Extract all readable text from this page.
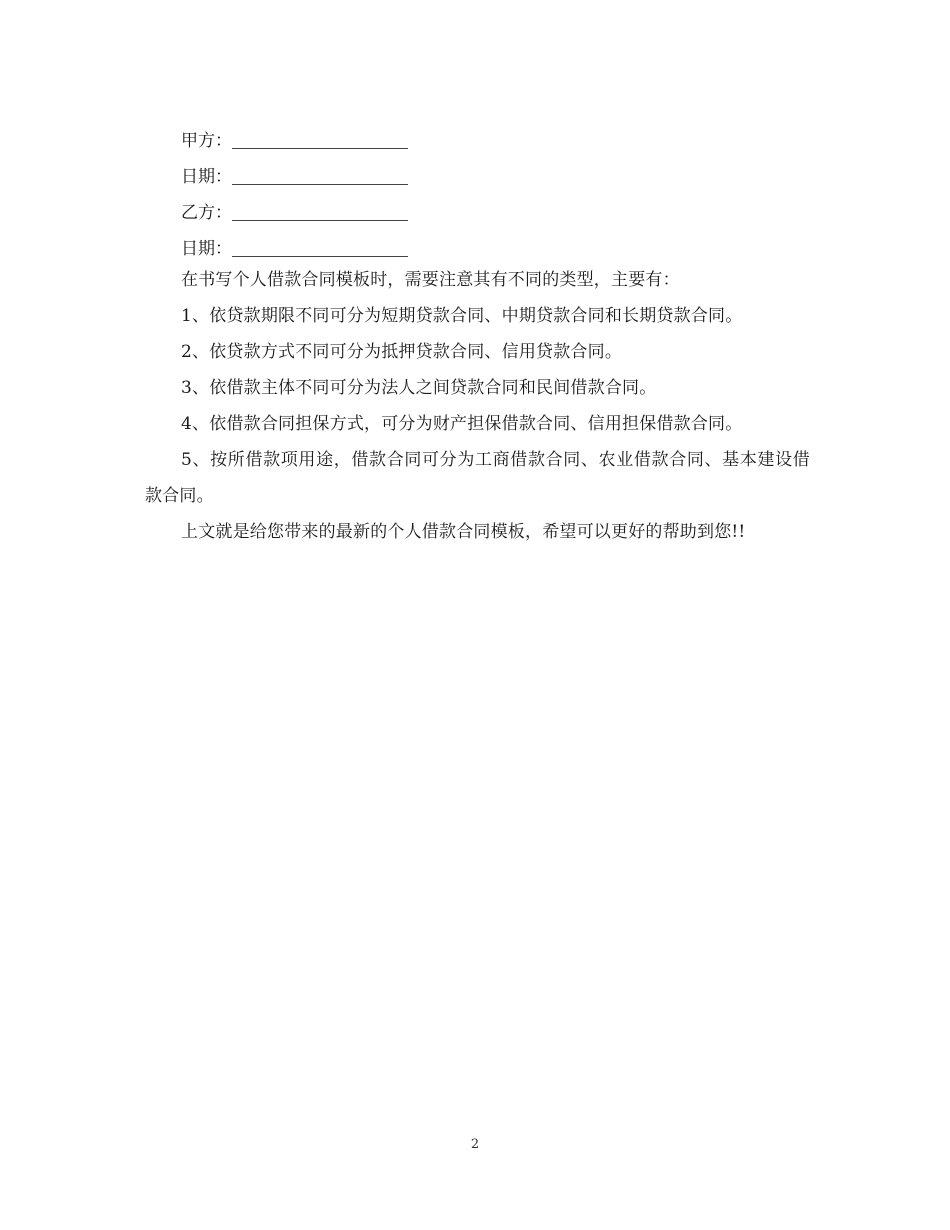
甲方：
日期：
乙方：
日期：

在书写个人借款合同模板时，需要注意其有不同的类型，主要有：

1、依贷款期限不同可分为短期贷款合同、中期贷款合同和长期贷款合同。

2、依贷款方式不同可分为抵押贷款合同、信用贷款合同。

3、依借款主体不同可分为法人之间贷款合同和民间借款合同。

4、依借款合同担保方式，可分为财产担保借款合同、信用担保借款合同。

5、按所借款项用途，借款合同可分为工商借款合同、农业借款合同、基本建设借款合同。

上文就是给您带来的最新的个人借款合同模板，希望可以更好的帮助到您!!

2
